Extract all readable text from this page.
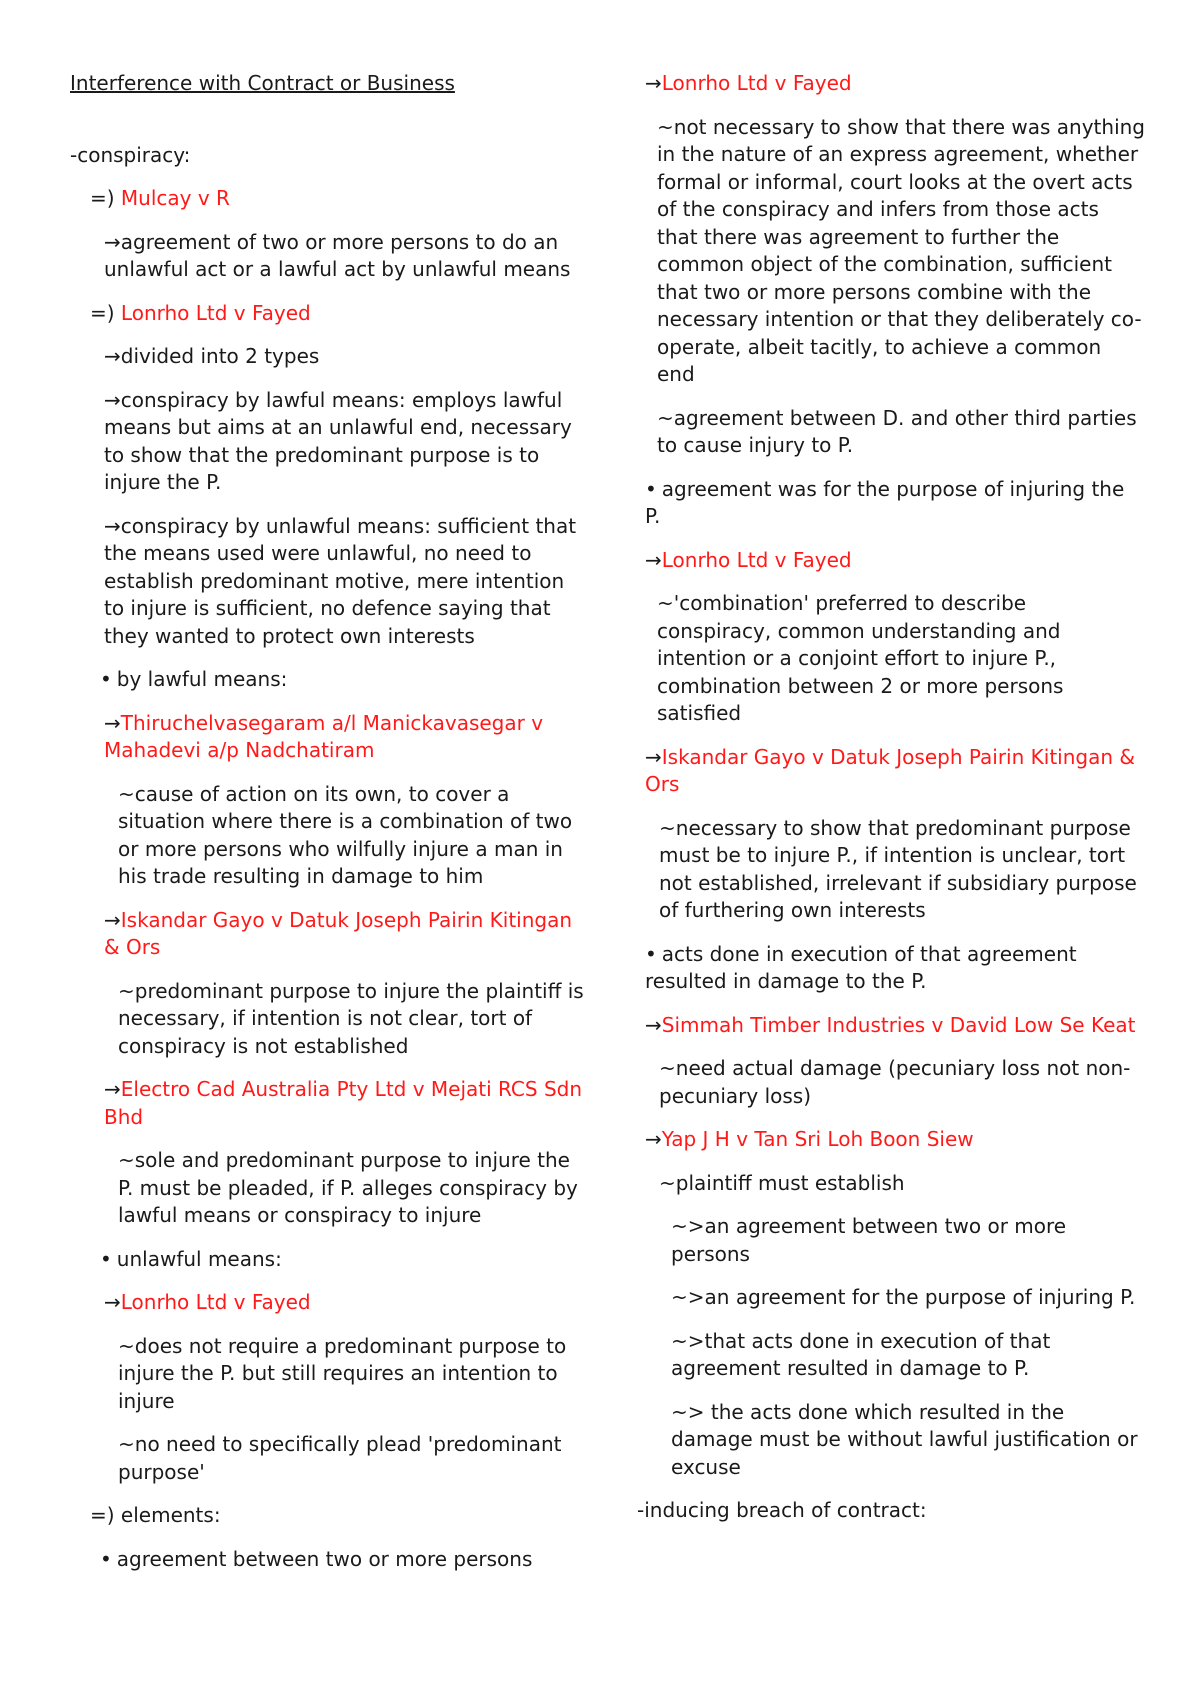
Interference with Contract or Business

-conspiracy:

=) Mulcay v R

→agreement of two or more persons to do an unlawful act or a lawful act by unlawful means

=) Lonrho Ltd v Fayed

→divided into 2 types

→conspiracy by lawful means: employs lawful means but aims at an unlawful end, necessary to show that the predominant purpose is to injure the P.

→conspiracy by unlawful means: sufficient that the means used were unlawful, no need to establish predominant motive, mere intention to injure is sufficient, no defence saying that they wanted to protect own interests

• by lawful means:

→Thiruchelvasegaram a/l Manickavasegar v Mahadevi a/p Nadchatiram

~cause of action on its own, to cover a situation where there is a combination of two or more persons who wilfully injure a man in his trade resulting in damage to him

→Iskandar Gayo v Datuk Joseph Pairin Kitingan & Ors

~predominant purpose to injure the plaintiff is necessary, if intention is not clear, tort of conspiracy is not established

→Electro Cad Australia Pty Ltd v Mejati RCS Sdn Bhd

~sole and predominant purpose to injure the P. must be pleaded, if P. alleges conspiracy by lawful means or conspiracy to injure

• unlawful means:

→Lonrho Ltd v Fayed

~does not require a predominant purpose to injure the P. but still requires an intention to injure

~no need to specifically plead 'predominant purpose'

=) elements:

• agreement between two or more persons

→Lonrho Ltd v Fayed

~not necessary to show that there was anything in the nature of an express agreement, whether formal or informal, court looks at the overt acts of the conspiracy and infers from those acts that there was agreement to further the common object of the combination, sufficient that two or more persons combine with the necessary intention or that they deliberately co-operate, albeit tacitly, to achieve a common end

~agreement between D. and other third parties to cause injury to P.

• agreement was for the purpose of injuring the P.

→Lonrho Ltd v Fayed

~'combination' preferred to describe conspiracy, common understanding and intention or a conjoint effort to injure P., combination between 2 or more persons satisfied

→Iskandar Gayo v Datuk Joseph Pairin Kitingan & Ors

~necessary to show that predominant purpose must be to injure P., if intention is unclear, tort not established, irrelevant if subsidiary purpose of furthering own interests

• acts done in execution of that agreement resulted in damage to the P.

→Simmah Timber Industries v David Low Se Keat

~need actual damage (pecuniary loss not non-pecuniary loss)

→Yap J H v Tan Sri Loh Boon Siew

~plaintiff must establish

~>an agreement between two or more persons

~>an agreement for the purpose of injuring P.

~>that acts done in execution of that agreement resulted in damage to P.

~> the acts done which resulted in the damage must be without lawful justification or excuse

-inducing breach of contract:
